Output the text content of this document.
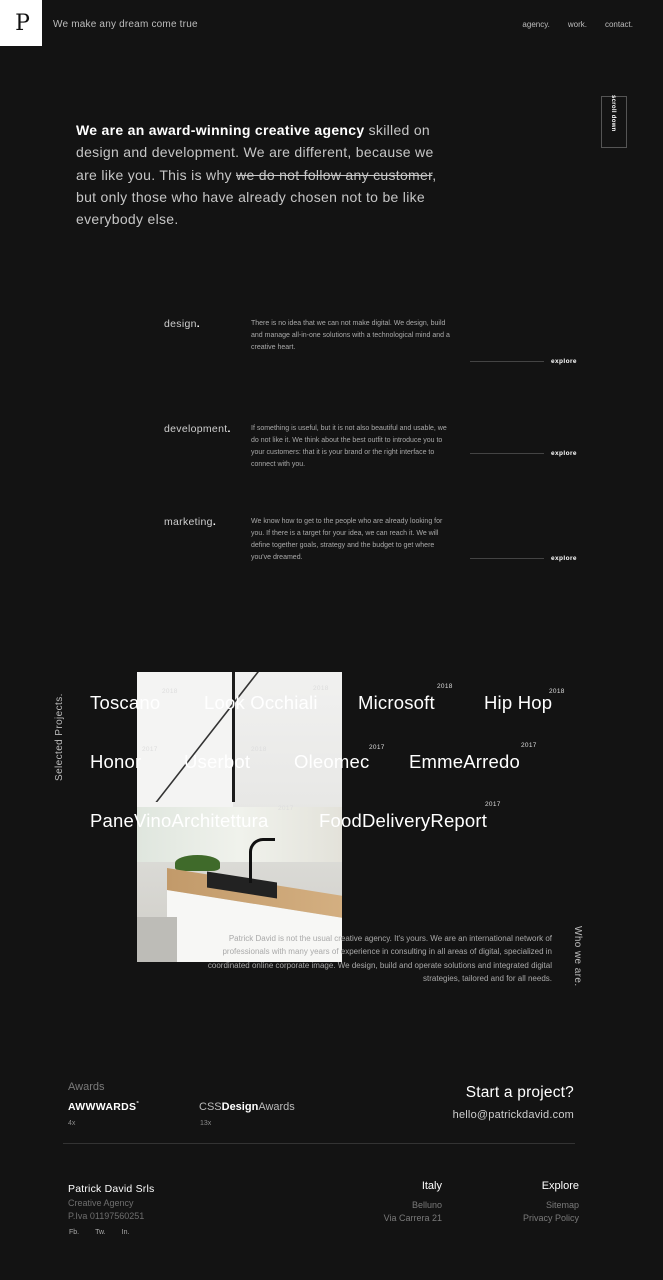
P	We make any dream come true	agency. work. contact.
scroll down

We are an award-winning creative agency skilled on design and development. We are different, because we are like you. This is why we do not follow any customer, but only those who have already chosen not to be like everybody else.

design .	There is no idea that we can not make digital. We design, build and manage all-in-one solutions with a technological mind and a creative heart.
explore
development .	If something is useful, but it is not also beautiful and usable, we do not like it. We think about the best outfit to introduce you to your customers: that it is your brand or the right interface to connect with you.
explore
marketing .	We know how to get to the people who are already looking for you. If there is a target for your idea, we can reach it. We will define together goals, strategy and the budget to get where you've dreamed.	explore
Selected Projects. Toscano
2018
Look Occhiali
2018
Microsoft
2018
Hip Hop
2018
Honor
2017
Userbot
2018
Oleomec
2017
EmmeArredo
2017
PaneVinoArchitettura
2017
FoodDeliveryReport
2017
Who we are.

Patrick David is not the usual creative agency. It's yours. We are an international network of professionals with many years of experience in consulting in all areas of digital, specialized in coordinated online corporate image. We design, build and operate solutions and integrated digital strategies, tailored and for all needs.

Awards
AWWWARDS°
4x
CSSDesignAwards
13x
Start a project?
hello@patrickdavid.com
Patrick David Srls
Creative Agency
P.Iva 01197560251
Fb. Tw. In.
Italy
Belluno
Via Carrera 21
Explore
Sitemap
Privacy Policy
